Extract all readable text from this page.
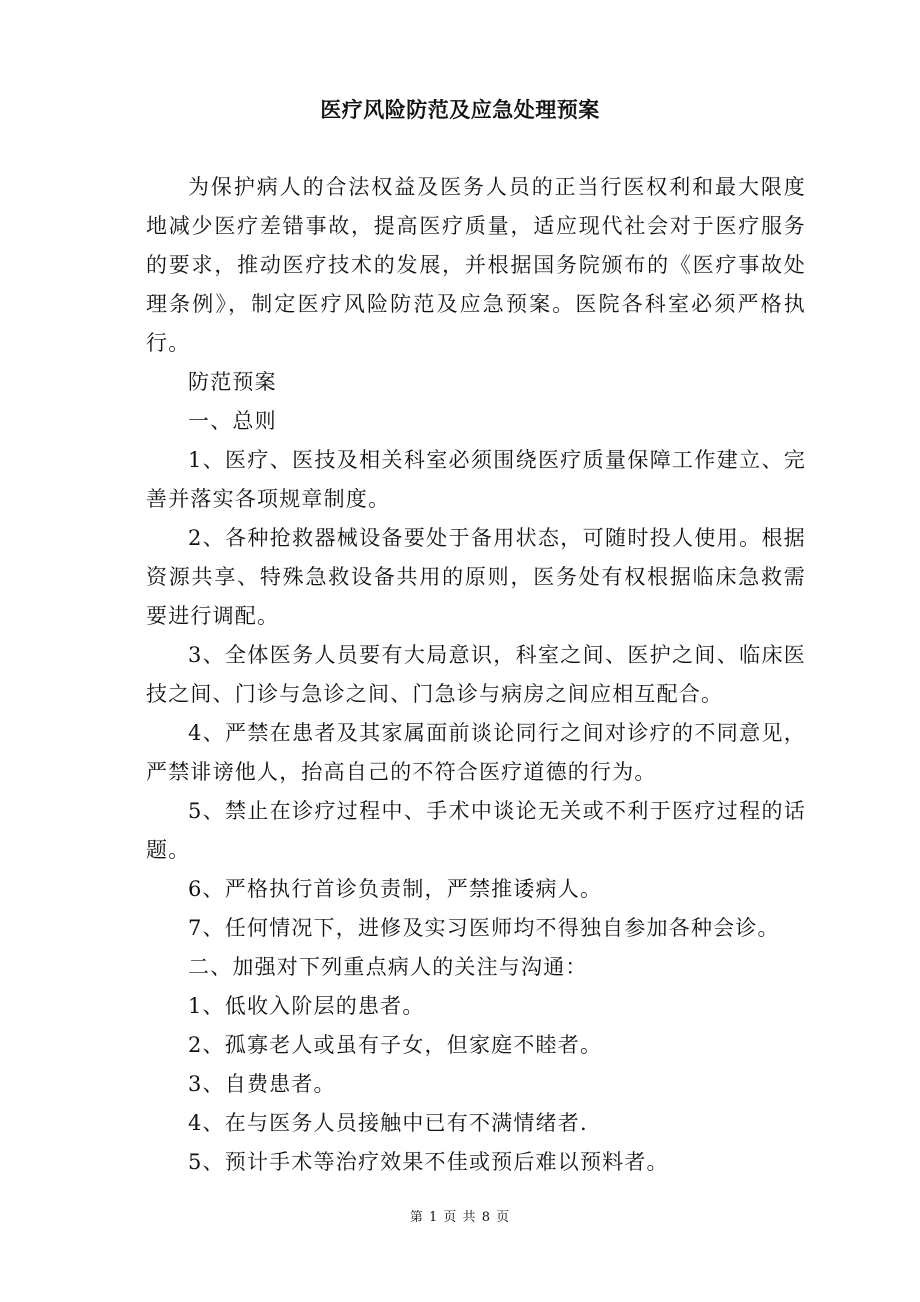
医疗风险防范及应急处理预案

为保护病人的合法权益及医务人员的正当行医权利和最大限度地减少医疗差错事故，提高医疗质量，适应现代社会对于医疗服务的要求，推动医疗技术的发展，并根据国务院颁布的《医疗事故处理条例》，制定医疗风险防范及应急预案。医院各科室必须严格执行。

防范预案

一、总则

1、医疗、医技及相关科室必须围绕医疗质量保障工作建立、完善并落实各项规章制度。

2、各种抢救器械设备要处于备用状态，可随时投人使用。根据资源共享、特殊急救设备共用的原则，医务处有权根据临床急救需要进行调配。

3、全体医务人员要有大局意识，科室之间、医护之间、临床医技之间、门诊与急诊之间、门急诊与病房之间应相互配合。

4、严禁在患者及其家属面前谈论同行之间对诊疗的不同意见，严禁诽谤他人，抬高自己的不符合医疗道德的行为。

5、禁止在诊疗过程中、手术中谈论无关或不利于医疗过程的话题。

6、严格执行首诊负责制，严禁推诿病人。

7、任何情况下，进修及实习医师均不得独自参加各种会诊。

二、加强对下列重点病人的关注与沟通：

1、低收入阶层的患者。

2、孤寡老人或虽有子女，但家庭不睦者。

3、自费患者。

4、在与医务人员接触中已有不满情绪者.

5、预计手术等治疗效果不佳或预后难以预料者。

第 1 页 共 8 页
